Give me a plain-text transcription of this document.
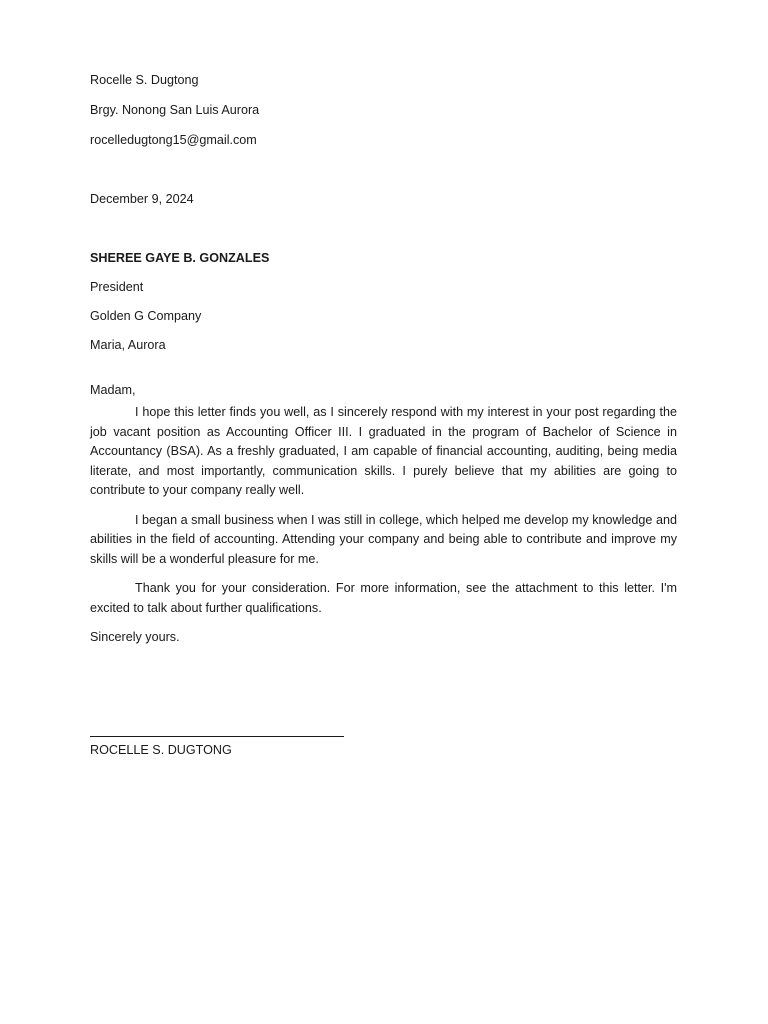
Rocelle S. Dugtong

Brgy. Nonong San Luis Aurora

rocelledugtong15@gmail.com

December 9, 2024

SHEREE GAYE B. GONZALES

President

Golden G Company

Maria, Aurora

Madam,

I hope this letter finds you well, as I sincerely respond with my interest in your post regarding the job vacant position as Accounting Officer III. I graduated in the program of Bachelor of Science in Accountancy (BSA). As a freshly graduated, I am capable of financial accounting, auditing, being media literate, and most importantly, communication skills. I purely believe that my abilities are going to contribute to your company really well.

I began a small business when I was still in college, which helped me develop my knowledge and abilities in the field of accounting. Attending your company and being able to contribute and improve my skills will be a wonderful pleasure for me.

Thank you for your consideration. For more information, see the attachment to this letter. I'm excited to talk about further qualifications.

Sincerely yours.

ROCELLE S. DUGTONG
